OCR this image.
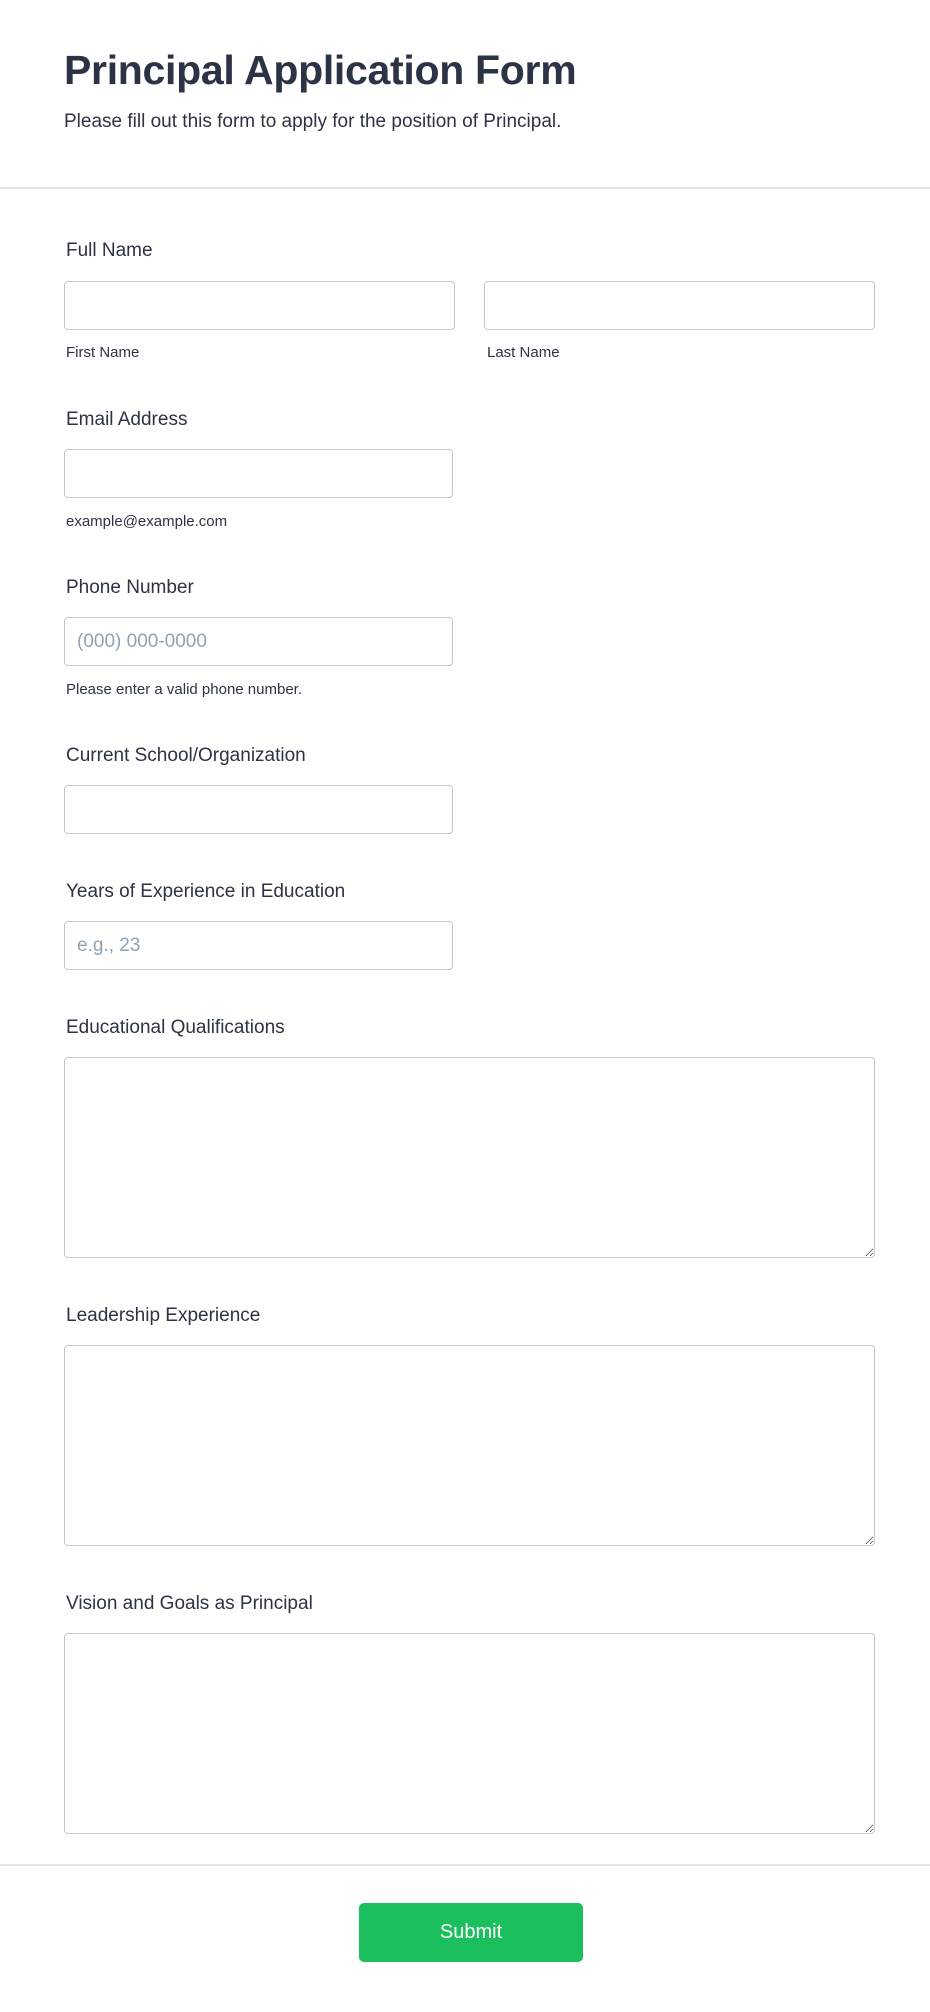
Principal Application Form

Please fill out this form to apply for the position of Principal.

Full Name
First Name	Last Name
Email Address
example@example.com
Phone Number
(000) 000-0000
Please enter a valid phone number.
Current School/Organization
Years of Experience in Education
e.g., 23
Educational Qualifications
Leadership Experience
Vision and Goals as Principal
Submit
